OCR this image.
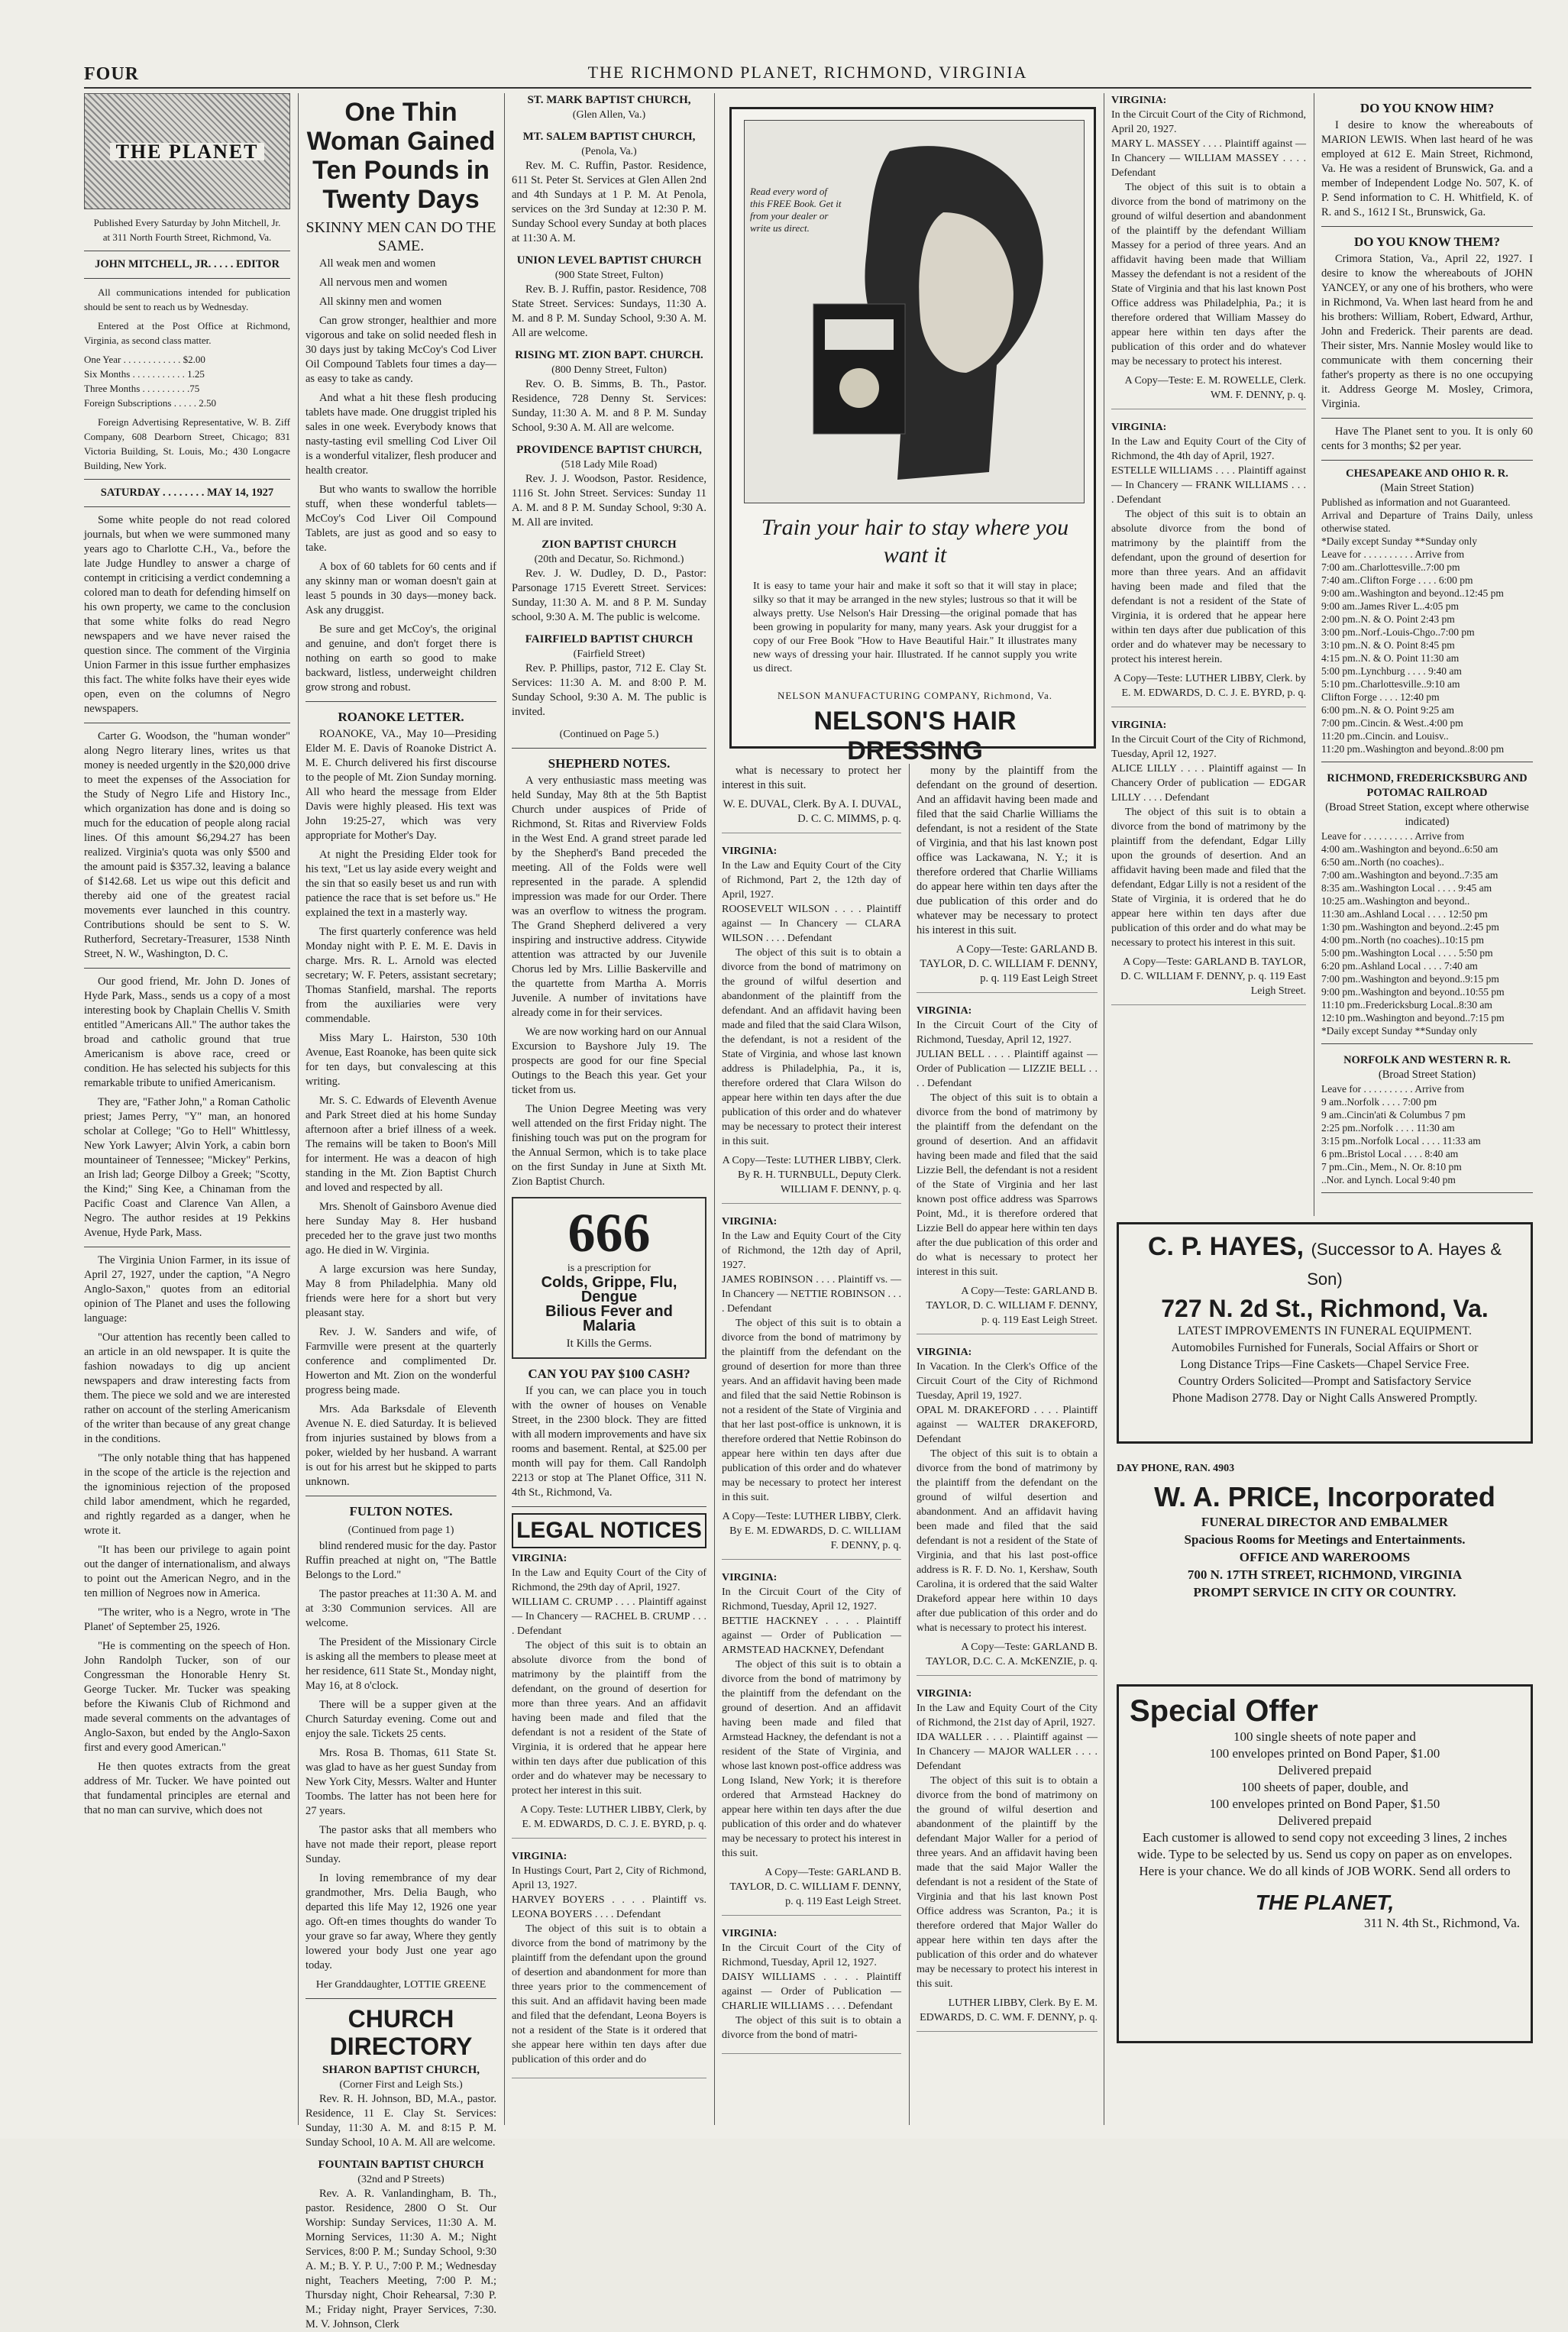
FOUR	THE RICHMOND PLANET, RICHMOND, VIRGINIA
THE PLANET
Published Every Saturday by John Mitchell, Jr.
at 311 North Fourth Street, Richmond, Va.
JOHN MITCHELL, JR. . . . . EDITOR

All communications intended for publication should be sent to reach us by Wednesday.

Entered at the Post Office at Richmond, Virginia, as second class matter.

One Year . . . . . . . . . . . . $2.00
Six Months . . . . . . . . . . . 1.25
Three Months . . . . . . . . . .75
Foreign Subscriptions . . . . . 2.50

Foreign Advertising Representative, W. B. Ziff Company, 608 Dearborn Street, Chicago; 831 Victoria Building, St. Louis, Mo.; 430 Longacre Building, New York.

SATURDAY . . . . . . . . MAY 14, 1927

Some white people do not read colored journals, but when we were summoned many years ago to Charlotte C.H., Va., before the late Judge Hundley to answer a charge of contempt in criticising a verdict condemning a colored man to death for defending himself on his own property, we came to the conclusion that some white folks do read Negro newspapers and we have never raised the question since. The comment of the Virginia Union Farmer in this issue further emphasizes this fact. The white folks have their eyes wide open, even on the columns of Negro newspapers.

Carter G. Woodson, the "human wonder" along Negro literary lines, writes us that money is needed urgently in the $20,000 drive to meet the expenses of the Association for the Study of Negro Life and History Inc., which organization has done and is doing so much for the education of people along racial lines. Of this amount $6,294.27 has been realized. Virginia's quota was only $500 and the amount paid is $357.32, leaving a balance of $142.68. Let us wipe out this deficit and thereby aid one of the greatest racial movements ever launched in this country. Contributions should be sent to S. W. Rutherford, Secretary-Treasurer, 1538 Ninth Street, N. W., Washington, D. C.

Our good friend, Mr. John D. Jones of Hyde Park, Mass., sends us a copy of a most interesting book by Chaplain Chellis V. Smith entitled "Americans All." The author takes the broad and catholic ground that true Americanism is above race, creed or condition. He has selected his subjects for this remarkable tribute to unified Americanism.

They are, "Father John," a Roman Catholic priest; James Perry, "Y" man, an honored scholar at College; "Go to Hell" Whittlessy, New York Lawyer; Alvin York, a cabin born mountaineer of Tennessee; "Mickey" Perkins, an Irish lad; George Dilboy a Greek; "Scotty, the Kind;" Sing Kee, a Chinaman from the Pacific Coast and Clarence Van Allen, a Negro. The author resides at 19 Pekkins Avenue, Hyde Park, Mass.

The Virginia Union Farmer, in its issue of April 27, 1927, under the caption, "A Negro Anglo-Saxon," quotes from an editorial opinion of The Planet and uses the following language:

"Our attention has recently been called to an article in an old newspaper. It is quite the fashion nowadays to dig up ancient newspapers and draw interesting facts from them. The piece we sold and we are interested rather on account of the sterling Americanism of the writer than because of any great change in the conditions.

"The only notable thing that has happened in the scope of the article is the rejection and the ignominious rejection of the proposed child labor amendment, which he regarded, and rightly regarded as a danger, when he wrote it.

"It has been our privilege to again point out the danger of internationalism, and always to point out the American Negro, and in the ten million of Negroes now in America.

"The writer, who is a Negro, wrote in 'The Planet' of September 25, 1926.

"He is commenting on the speech of Hon. John Randolph Tucker, son of our Congressman the Honorable Henry St. George Tucker. Mr. Tucker was speaking before the Kiwanis Club of Richmond and made several comments on the advantages of Anglo-Saxon, but ended by the Anglo-Saxon first and every good American."

He then quotes extracts from the great address of Mr. Tucker. We have pointed out that fundamental principles are eternal and that no man can survive, which does not

One Thin Woman Gained Ten Pounds in Twenty Days
SKINNY MEN CAN DO THE SAME.

All weak men and women

All nervous men and women

All skinny men and women

Can grow stronger, healthier and more vigorous and take on solid needed flesh in 30 days just by taking McCoy's Cod Liver Oil Compound Tablets four times a day—as easy to take as candy.

And what a hit these flesh producing tablets have made. One druggist tripled his sales in one week. Everybody knows that nasty-tasting evil smelling Cod Liver Oil is a wonderful vitalizer, flesh producer and health creator.

But who wants to swallow the horrible stuff, when these wonderful tablets—McCoy's Cod Liver Oil Compound Tablets, are just as good and so easy to take.

A box of 60 tablets for 60 cents and if any skinny man or woman doesn't gain at least 5 pounds in 30 days—money back. Ask any druggist.

Be sure and get McCoy's, the original and genuine, and don't forget there is nothing on earth so good to make backward, listless, underweight children grow strong and robust.

ROANOKE LETTER.

ROANOKE, VA., May 10—Presiding Elder M. E. Davis of Roanoke District A. M. E. Church delivered his first discourse to the people of Mt. Zion Sunday morning. All who heard the message from Elder Davis were highly pleased. His text was John 19:25-27, which was very appropriate for Mother's Day.

At night the Presiding Elder took for his text, "Let us lay aside every weight and the sin that so easily beset us and run with patience the race that is set before us." He explained the text in a masterly way.

The first quarterly conference was held Monday night with P. E. M. E. Davis in charge. Mrs. R. L. Arnold was elected secretary; W. F. Peters, assistant secretary; Thomas Stanfield, marshal. The reports from the auxiliaries were very commendable.

Miss Mary L. Hairston, 530 10th Avenue, East Roanoke, has been quite sick for ten days, but convalescing at this writing.

Mr. S. C. Edwards of Eleventh Avenue and Park Street died at his home Sunday afternoon after a brief illness of a week. The remains will be taken to Boon's Mill for interment. He was a deacon of high standing in the Mt. Zion Baptist Church and loved and respected by all.

Mrs. Shenolt of Gainsboro Avenue died here Sunday May 8. Her husband preceded her to the grave just two months ago. He died in W. Virginia.

A large excursion was here Sunday, May 8 from Philadelphia. Many old friends were here for a short but very pleasant stay.

Rev. J. W. Sanders and wife, of Farmville were present at the quarterly conference and complimented Dr. Howerton and Mt. Zion on the wonderful progress being made.

Mrs. Ada Barksdale of Eleventh Avenue N. E. died Saturday. It is believed from injuries sustained by blows from a poker, wielded by her husband. A warrant is out for his arrest but he skipped to parts unknown.

FULTON NOTES.
(Continued from page 1)

blind rendered music for the day. Pastor Ruffin preached at night on, "The Battle Belongs to the Lord."

The pastor preaches at 11:30 A. M. and at 3:30 Communion services. All are welcome.

The President of the Missionary Circle is asking all the members to please meet at her residence, 611 State St., Monday night, May 16, at 8 o'clock.

There will be a supper given at the Church Saturday evening. Come out and enjoy the sale. Tickets 25 cents.

Mrs. Rosa B. Thomas, 611 State St. was glad to have as her guest Sunday from New York City, Messrs. Walter and Hunter Toombs. The latter has not been here for 27 years.

The pastor asks that all members who have not made their report, please report Sunday.

In loving remembrance of my dear grandmother, Mrs. Delia Baugh, who departed this life May 12, 1926 one year ago. Oft-en times thoughts do wander To your grave so far away, Where they gently lowered your body Just one year ago today.

Her Granddaughter, LOTTIE GREENE
CHURCH DIRECTORY
SHARON BAPTIST CHURCH,
(Corner First and Leigh Sts.)

Rev. R. H. Johnson, BD, M.A., pastor. Residence, 11 E. Clay St. Services: Sunday, 11:30 A. M. and 8:15 P. M. Sunday School, 10 A. M. All are welcome.

FOUNTAIN BAPTIST CHURCH
(32nd and P Streets)

Rev. A. R. Vanlandingham, B. Th., pastor. Residence, 2800 O St. Our Worship: Sunday Services, 11:30 A. M. Morning Services, 11:30 A. M.; Night Services, 8:00 P. M.; Sunday School, 9:30 A. M.; B. Y. P. U., 7:00 P. M.; Wednesday night, Teachers Meeting, 7:00 P. M.; Thursday night, Choir Rehearsal, 7:30 P. M.; Friday night, Prayer Services, 7:30. M. V. Johnson, Clerk

ST. MARK BAPTIST CHURCH,
(Glen Allen, Va.)
MT. SALEM BAPTIST CHURCH,
(Penola, Va.)

Rev. M. C. Ruffin, Pastor. Residence, 611 St. Peter St. Services at Glen Allen 2nd and 4th Sundays at 1 P. M. At Penola, services on the 3rd Sunday at 12:30 P. M. Sunday School every Sunday at both places at 11:30 A. M.

UNION LEVEL BAPTIST CHURCH
(900 State Street, Fulton)

Rev. B. J. Ruffin, pastor. Residence, 708 State Street. Services: Sundays, 11:30 A. M. and 8 P. M. Sunday School, 9:30 A. M. All are welcome.

RISING MT. ZION BAPT. CHURCH.
(800 Denny Street, Fulton)

Rev. O. B. Simms, B. Th., Pastor. Residence, 728 Denny St. Services: Sunday, 11:30 A. M. and 8 P. M. Sunday School, 9:30 A. M. All are welcome.

PROVIDENCE BAPTIST CHURCH,
(518 Lady Mile Road)

Rev. J. J. Woodson, Pastor. Residence, 1116 St. John Street. Services: Sunday 11 A. M. and 8 P. M. Sunday School, 9:30 A. M. All are invited.

ZION BAPTIST CHURCH
(20th and Decatur, So. Richmond.)

Rev. J. W. Dudley, D. D., Pastor: Parsonage 1715 Everett Street. Services: Sunday, 11:30 A. M. and 8 P. M. Sunday school, 9:30 A. M. The public is welcome.

FAIRFIELD BAPTIST CHURCH
(Fairfield Street)

Rev. P. Phillips, pastor, 712 E. Clay St. Services: 11:30 A. M. and 8:00 P. M. Sunday School, 9:30 A. M. The public is invited.

(Continued on Page 5.)
SHEPHERD NOTES.

A very enthusiastic mass meeting was held Sunday, May 8th at the 5th Baptist Church under auspices of Pride of Richmond, St. Ritas and Riverview Folds in the West End. A grand street parade led by the Shepherd's Band preceded the meeting. All of the Folds were well represented in the parade. A splendid impression was made for our Order. There was an overflow to witness the program. The Grand Shepherd delivered a very inspiring and instructive address. Citywide attention was attracted by our Juvenile Chorus led by Mrs. Lillie Baskerville and the quartette from Martha A. Morris Juvenile. A number of invitations have already come in for their services.

We are now working hard on our Annual Excursion to Bayshore July 19. The prospects are good for our fine Special Outings to the Beach this year. Get your ticket from us.

The Union Degree Meeting was very well attended on the first Friday night. The finishing touch was put on the program for the Annual Sermon, which is to take place on the first Sunday in June at Sixth Mt. Zion Baptist Church.

666
is a prescription for
Colds, Grippe, Flu, Dengue
Bilious Fever and Malaria
It Kills the Germs.
CAN YOU PAY $100 CASH?

If you can, we can place you in touch with the owner of houses on Venable Street, in the 2300 block. They are fitted with all modern improvements and have six rooms and basement. Rental, at $25.00 per month will pay for them. Call Randolph 2213 or stop at The Planet Office, 311 N. 4th St., Richmond, Va.

LEGAL NOTICES
VIRGINIA:
In the Law and Equity Court of the City of Richmond, the 29th day of April, 1927.
WILLIAM C. CRUMP . . . . Plaintiff against — In Chancery — RACHEL B. CRUMP . . . . Defendant

The object of this suit is to obtain an absolute divorce from the bond of matrimony by the plaintiff from the defendant, on the ground of desertion for more than three years. And an affidavit having been made and filed that the defendant is not a resident of the State of Virginia, it is ordered that he appear here within ten days after due publication of this order and do whatever may be necessary to protect her interest in this suit.

A Copy. Teste: LUTHER LIBBY, Clerk, by E. M. EDWARDS, D. C. J. E. BYRD, p. q.
VIRGINIA:
In Hustings Court, Part 2, City of Richmond, April 13, 1927.
HARVEY BOYERS . . . . Plaintiff vs. LEONA BOYERS . . . . Defendant

The object of this suit is to obtain a divorce from the bond of matrimony by the plaintiff from the defendant upon the ground of desertion and abandonment for more than three years prior to the commencement of this suit. And an affidavit having been made and filed that the defendant, Leona Boyers is not a resident of the State is it ordered that she appear here within ten days after due publication of this order and do

Read every word of this FREE Book. Get it from your dealer or write us direct.
Train your hair to stay where you want it
It is easy to tame your hair and make it soft so that it will stay in place; silky so that it may be arranged in the new styles; lustrous so that it will be always pretty. Use Nelson's Hair Dressing—the original pomade that has been growing in popularity for many, many years. Ask your druggist for a copy of our Free Book "How to Have Beautiful Hair." It illustrates many new ways of dressing your hair. Illustrated. If he cannot supply you write us direct.
NELSON MANUFACTURING COMPANY, Richmond, Va.
NELSON'S HAIR DRESSING

what is necessary to protect her interest in this suit.

W. E. DUVAL, Clerk. By A. I. DUVAL, D. C. C. MIMMS, p. q.
VIRGINIA:
In the Law and Equity Court of the City of Richmond, Part 2, the 12th day of April, 1927.
ROOSEVELT WILSON . . . . Plaintiff against — In Chancery — CLARA WILSON . . . . Defendant

The object of this suit is to obtain a divorce from the bond of matrimony on the ground of wilful desertion and abandonment of the plaintiff from the defendant. And an affidavit having been made and filed that the said Clara Wilson, the defendant, is not a resident of the State of Virginia, and whose last known address is Philadelphia, Pa., it is, therefore ordered that Clara Wilson do appear here within ten days after the due publication of this order and do whatever may be necessary to protect their interest in this suit.

A Copy—Teste: LUTHER LIBBY, Clerk. By R. H. TURNBULL, Deputy Clerk. WILLIAM F. DENNY, p. q.
VIRGINIA:
In the Law and Equity Court of the City of Richmond, the 12th day of April, 1927.
JAMES ROBINSON . . . . Plaintiff vs. — In Chancery — NETTIE ROBINSON . . . . Defendant

The object of this suit is to obtain a divorce from the bond of matrimony by the plaintiff from the defendant on the ground of desertion for more than three years. And an affidavit having been made and filed that the said Nettie Robinson is not a resident of the State of Virginia and that her last post-office is unknown, it is therefore ordered that Nettie Robinson do appear here within ten days after due publication of this order and do whatever may be necessary to protect her interest in this suit.

A Copy—Teste: LUTHER LIBBY, Clerk. By E. M. EDWARDS, D. C. WILLIAM F. DENNY, p. q.
VIRGINIA:
In the Circuit Court of the City of Richmond, Tuesday, April 12, 1927.
BETTIE HACKNEY . . . . Plaintiff against — Order of Publication — ARMSTEAD HACKNEY, Defendant

The object of this suit is to obtain a divorce from the bond of matrimony by the plaintiff from the defendant on the ground of desertion. And an affidavit having been made and filed that Armstead Hackney, the defendant is not a resident of the State of Virginia, and whose last known post-office address was Long Island, New York; it is therefore ordered that Armstead Hackney do appear here within ten days after the due publication of this order and do whatever may be necessary to protect his interest in this suit.

A Copy—Teste: GARLAND B. TAYLOR, D. C. WILLIAM F. DENNY, p. q. 119 East Leigh Street.
VIRGINIA:
In the Circuit Court of the City of Richmond, Tuesday, April 12, 1927.
DAISY WILLIAMS . . . . Plaintiff against — Order of Publication — CHARLIE WILLIAMS . . . . Defendant

The object of this suit is to obtain a divorce from the bond of matri-

mony by the plaintiff from the defendant on the ground of desertion. And an affidavit having been made and filed that the said Charlie Williams the defendant, is not a resident of the State of Virginia, and that his last known post office was Lackawana, N. Y.; it is therefore ordered that Charlie Williams do appear here within ten days after the due publication of this order and do whatever may be necessary to protect his interest in this suit.

A Copy—Teste: GARLAND B. TAYLOR, D. C. WILLIAM F. DENNY, p. q. 119 East Leigh Street
VIRGINIA:
In the Circuit Court of the City of Richmond, Tuesday, April 12, 1927.
JULIAN BELL . . . . Plaintiff against — Order of Publication — LIZZIE BELL . . . . Defendant

The object of this suit is to obtain a divorce from the bond of matrimony by the plaintiff from the defendant on the ground of desertion. And an affidavit having been made and filed that the said Lizzie Bell, the defendant is not a resident of the State of Virginia and her last known post office address was Sparrows Point, Md., it is therefore ordered that Lizzie Bell do appear here within ten days after the due publication of this order and do what is necessary to protect her interest in this suit.

A Copy—Teste: GARLAND B. TAYLOR, D. C. WILLIAM F. DENNY, p. q. 119 East Leigh Street.
VIRGINIA:
In Vacation. In the Clerk's Office of the Circuit Court of the City of Richmond Tuesday, April 19, 1927.
OPAL M. DRAKEFORD . . . . Plaintiff against — WALTER DRAKEFORD, Defendant

The object of this suit is to obtain a divorce from the bond of matrimony by the plaintiff from the defendant on the ground of wilful desertion and abandonment. And an affidavit having been made and filed that the said defendant is not a resident of the State of Virginia, and that his last post-office address is R. F. D. No. 1, Kershaw, South Carolina, it is ordered that the said Walter Drakeford appear here within 10 days after due publication of this order and do what is necessary to protect his interest.

A Copy—Teste: GARLAND B. TAYLOR, D.C. C. A. McKENZIE, p. q.
VIRGINIA:
In the Law and Equity Court of the City of Richmond, the 21st day of April, 1927.
IDA WALLER . . . . Plaintiff against — In Chancery — MAJOR WALLER . . . . Defendant

The object of this suit is to obtain a divorce from the bond of matrimony on the ground of wilful desertion and abandonment of the plaintiff by the defendant Major Waller for a period of three years. And an affidavit having been made that the said Major Waller the defendant is not a resident of the State of Virginia and that his last known Post Office address was Scranton, Pa.; it is therefore ordered that Major Waller do appear here within ten days after the publication of this order and do whatever may be necessary to protect his interest in this suit.

LUTHER LIBBY, Clerk. By E. M. EDWARDS, D. C. WM. F. DENNY, p. q.
VIRGINIA:
In the Circuit Court of the City of Richmond, April 20, 1927.
MARY L. MASSEY . . . . Plaintiff against — In Chancery — WILLIAM MASSEY . . . . Defendant

The object of this suit is to obtain a divorce from the bond of matrimony on the ground of wilful desertion and abandonment of the plaintiff by the defendant William Massey for a period of three years. And an affidavit having been made that William Massey the defendant is not a resident of the State of Virginia and that his last known Post Office address was Philadelphia, Pa.; it is therefore ordered that William Massey do appear here within ten days after the publication of this order and do whatever may be necessary to protect his interest.

A Copy—Teste: E. M. ROWELLE, Clerk. WM. F. DENNY, p. q.
VIRGINIA:
In the Law and Equity Court of the City of Richmond, the 4th day of April, 1927.
ESTELLE WILLIAMS . . . . Plaintiff against — In Chancery — FRANK WILLIAMS . . . . Defendant

The object of this suit is to obtain an absolute divorce from the bond of matrimony by the plaintiff from the defendant, upon the ground of desertion for more than three years. And an affidavit having been made and filed that the defendant is not a resident of the State of Virginia, it is ordered that he appear here within ten days after due publication of this order and do whatever may be necessary to protect his interest herein.

A Copy—Teste: LUTHER LIBBY, Clerk. by E. M. EDWARDS, D. C. J. E. BYRD, p. q.
VIRGINIA:
In the Circuit Court of the City of Richmond, Tuesday, April 12, 1927.
ALICE LILLY . . . . Plaintiff against — In Chancery Order of publication — EDGAR LILLY . . . . Defendant

The object of this suit is to obtain a divorce from the bond of matrimony by the plaintiff from the defendant, Edgar Lilly upon the grounds of desertion. And an affidavit having been made and filed that the defendant, Edgar Lilly is not a resident of the State of Virginia, it is ordered that he do appear here within ten days after due publication of this order and do what may be necessary to protect his interest in this suit.

A Copy—Teste: GARLAND B. TAYLOR, D. C. WILLIAM F. DENNY, p. q. 119 East Leigh Street.
DO YOU KNOW HIM?

I desire to know the whereabouts of MARION LEWIS. When last heard of he was employed at 612 E. Main Street, Richmond, Va. He was a resident of Brunswick, Ga. and a member of Independent Lodge No. 507, K. of P. Send information to C. H. Whitfield, K. of R. and S., 1612 I St., Brunswick, Ga.

DO YOU KNOW THEM?

Crimora Station, Va., April 22, 1927. I desire to know the whereabouts of JOHN YANCEY, or any one of his brothers, who were in Richmond, Va. When last heard from he and his brothers: William, Robert, Edward, Arthur, John and Frederick. Their parents are dead. Their sister, Mrs. Nannie Mosley would like to communicate with them concerning their father's property as there is no one occupying it. Address George M. Mosley, Crimora, Virginia.

Have The Planet sent to you. It is only 60 cents for 3 months; $2 per year.

CHESAPEAKE AND OHIO R. R.
(Main Street Station)
Published as information and not Guaranteed.
Arrival and Departure of Trains Daily, unless otherwise stated.
*Daily except Sunday **Sunday only
Leave for . . . . . . . . . . Arrive from
7:00 am..Charlottesville..7:00 pm
7:40 am..Clifton Forge . . . . 6:00 pm
9:00 am..Washington and beyond..12:45 pm
9:00 am..James River L..4:05 pm
2:00 pm..N. & O. Point 2:43 pm
3:00 pm..Norf.-Louis-Chgo..7:00 pm
3:10 pm..N. & O. Point 8:45 pm
4:15 pm..N. & O. Point 11:30 am
5:00 pm..Lynchburg . . . . 9:40 am
5:10 pm..Charlottesville..9:10 am
Clifton Forge . . . . 12:40 pm
6:00 pm..N. & O. Point 9:25 am
7:00 pm..Cincin. & West..4:00 pm
11:20 pm..Cincin. and Louisv..
11:20 pm..Washington and beyond..8:00 pm
RICHMOND, FREDERICKSBURG AND POTOMAC RAILROAD
(Broad Street Station, except where otherwise indicated)
Leave for . . . . . . . . . . Arrive from
4:00 am..Washington and beyond..6:50 am
6:50 am..North (no coaches)..
7:00 am..Washington and beyond..7:35 am
8:35 am..Washington Local . . . . 9:45 am
10:25 am..Washington and beyond..
11:30 am..Ashland Local . . . . 12:50 pm
1:30 pm..Washington and beyond..2:45 pm
4:00 pm..North (no coaches)..10:15 pm
5:00 pm..Washington Local . . . . 5:50 pm
6:20 pm..Ashland Local . . . . 7:40 am
7:00 pm..Washington and beyond..9:15 pm
9:00 pm..Washington and beyond..10:55 pm
11:10 pm..Fredericksburg Local..8:30 am
12:10 pm..Washington and beyond..7:15 pm
*Daily except Sunday **Sunday only
NORFOLK AND WESTERN R. R.
(Broad Street Station)
Leave for . . . . . . . . . . Arrive from
9 am..Norfolk . . . . 7:00 pm
9 am..Cincin'ati & Columbus 7 pm
2:25 pm..Norfolk . . . . 11:30 am
3:15 pm..Norfolk Local . . . . 11:33 am
6 pm..Bristol Local . . . . 8:40 am
7 pm..Cin., Mem., N. Or. 8:10 pm
..Nor. and Lynch. Local 9:40 pm
C. P. HAYES, (Successor to A. Hayes & Son)
727 N. 2d St., Richmond, Va.
LATEST IMPROVEMENTS IN FUNERAL EQUIPMENT.
Automobiles Furnished for Funerals, Social Affairs or Short or
Long Distance Trips—Fine Caskets—Chapel Service Free.
Country Orders Solicited—Prompt and Satisfactory Service
Phone Madison 2778. Day or Night Calls Answered Promptly.
DAY PHONE, RAN. 4903
W. A. PRICE, Incorporated
FUNERAL DIRECTOR AND EMBALMER
Spacious Rooms for Meetings and Entertainments.
OFFICE AND WAREROOMS
700 N. 17TH STREET, RICHMOND, VIRGINIA
PROMPT SERVICE IN CITY OR COUNTRY.
Special Offer
100 single sheets of note paper and
100 envelopes printed on Bond Paper, $1.00
Delivered prepaid
100 sheets of paper, double, and
100 envelopes printed on Bond Paper, $1.50
Delivered prepaid
Each customer is allowed to send copy not exceeding 3 lines, 2 inches wide. Type to be selected by us. Send us copy on paper as on envelopes. Here is your chance. We do all kinds of JOB WORK. Send all orders to
THE PLANET,
311 N. 4th St., Richmond, Va.
